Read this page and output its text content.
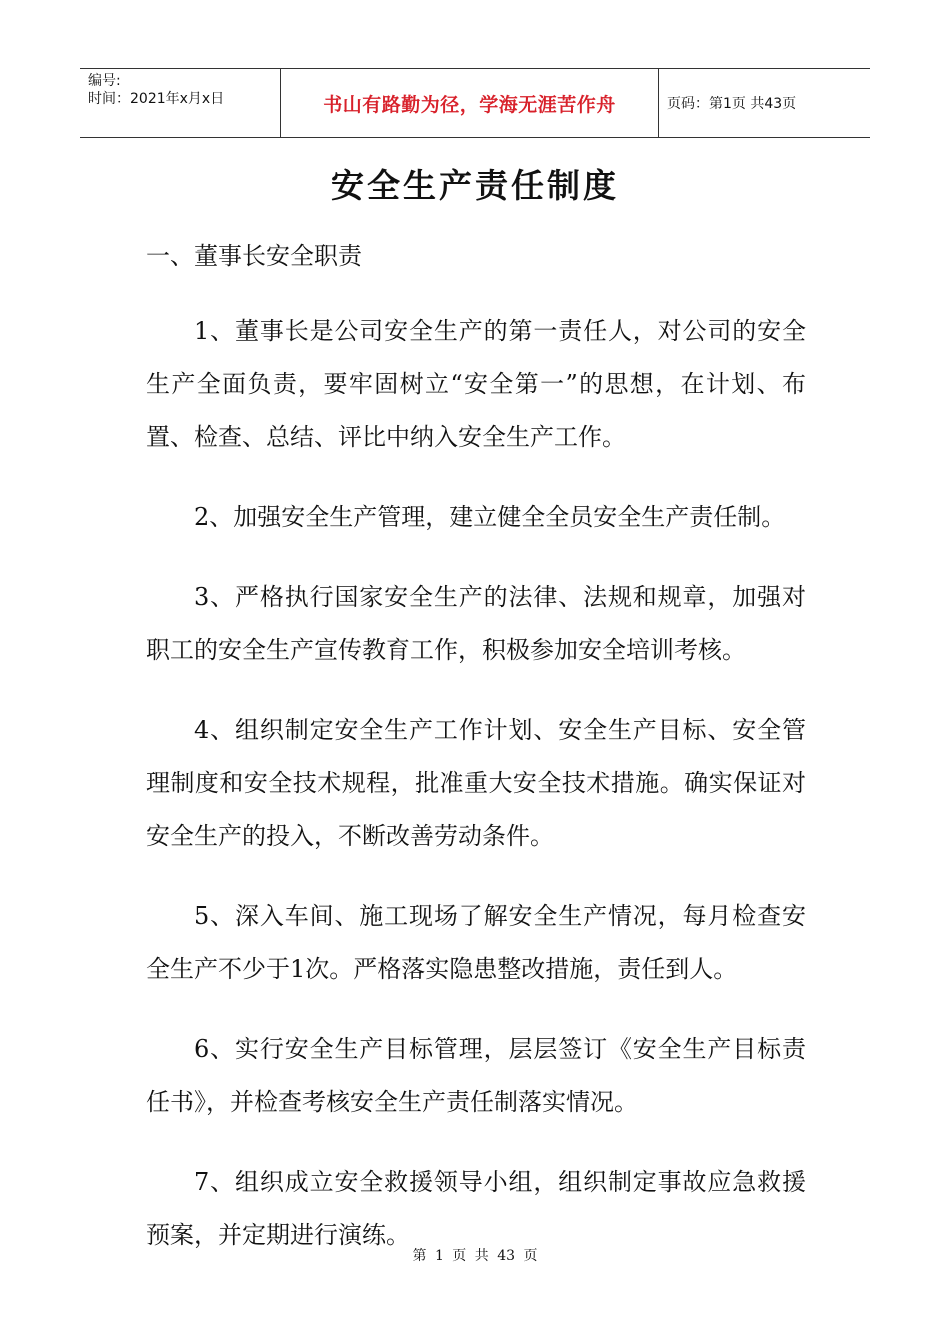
编号:
时间：2021年x月x日	书山有路勤为径，学海无涯苦作舟	页码：第1页 共43页
安全生产责任制度
一、董事长安全职责

1、董事长是公司安全生产的第一责任人，对公司的安全生产全面负责，要牢固树立“安全第一”的思想，在计划、布置、检查、总结、评比中纳入安全生产工作。

2、加强安全生产管理，建立健全全员安全生产责任制。

3、严格执行国家安全生产的法律、法规和规章，加强对职工的安全生产宣传教育工作，积极参加安全培训考核。

4、组织制定安全生产工作计划、安全生产目标、安全管理制度和安全技术规程，批准重大安全技术措施。确实保证对安全生产的投入，不断改善劳动条件。

5、深入车间、施工现场了解安全生产情况，每月检查安全生产不少于1次。严格落实隐患整改措施，责任到人。

6、实行安全生产目标管理，层层签订《安全生产目标责任书》，并检查考核安全生产责任制落实情况。

7、组织成立安全救援领导小组，组织制定事故应急救援预案，并定期进行演练。

第 1 页 共 43 页
